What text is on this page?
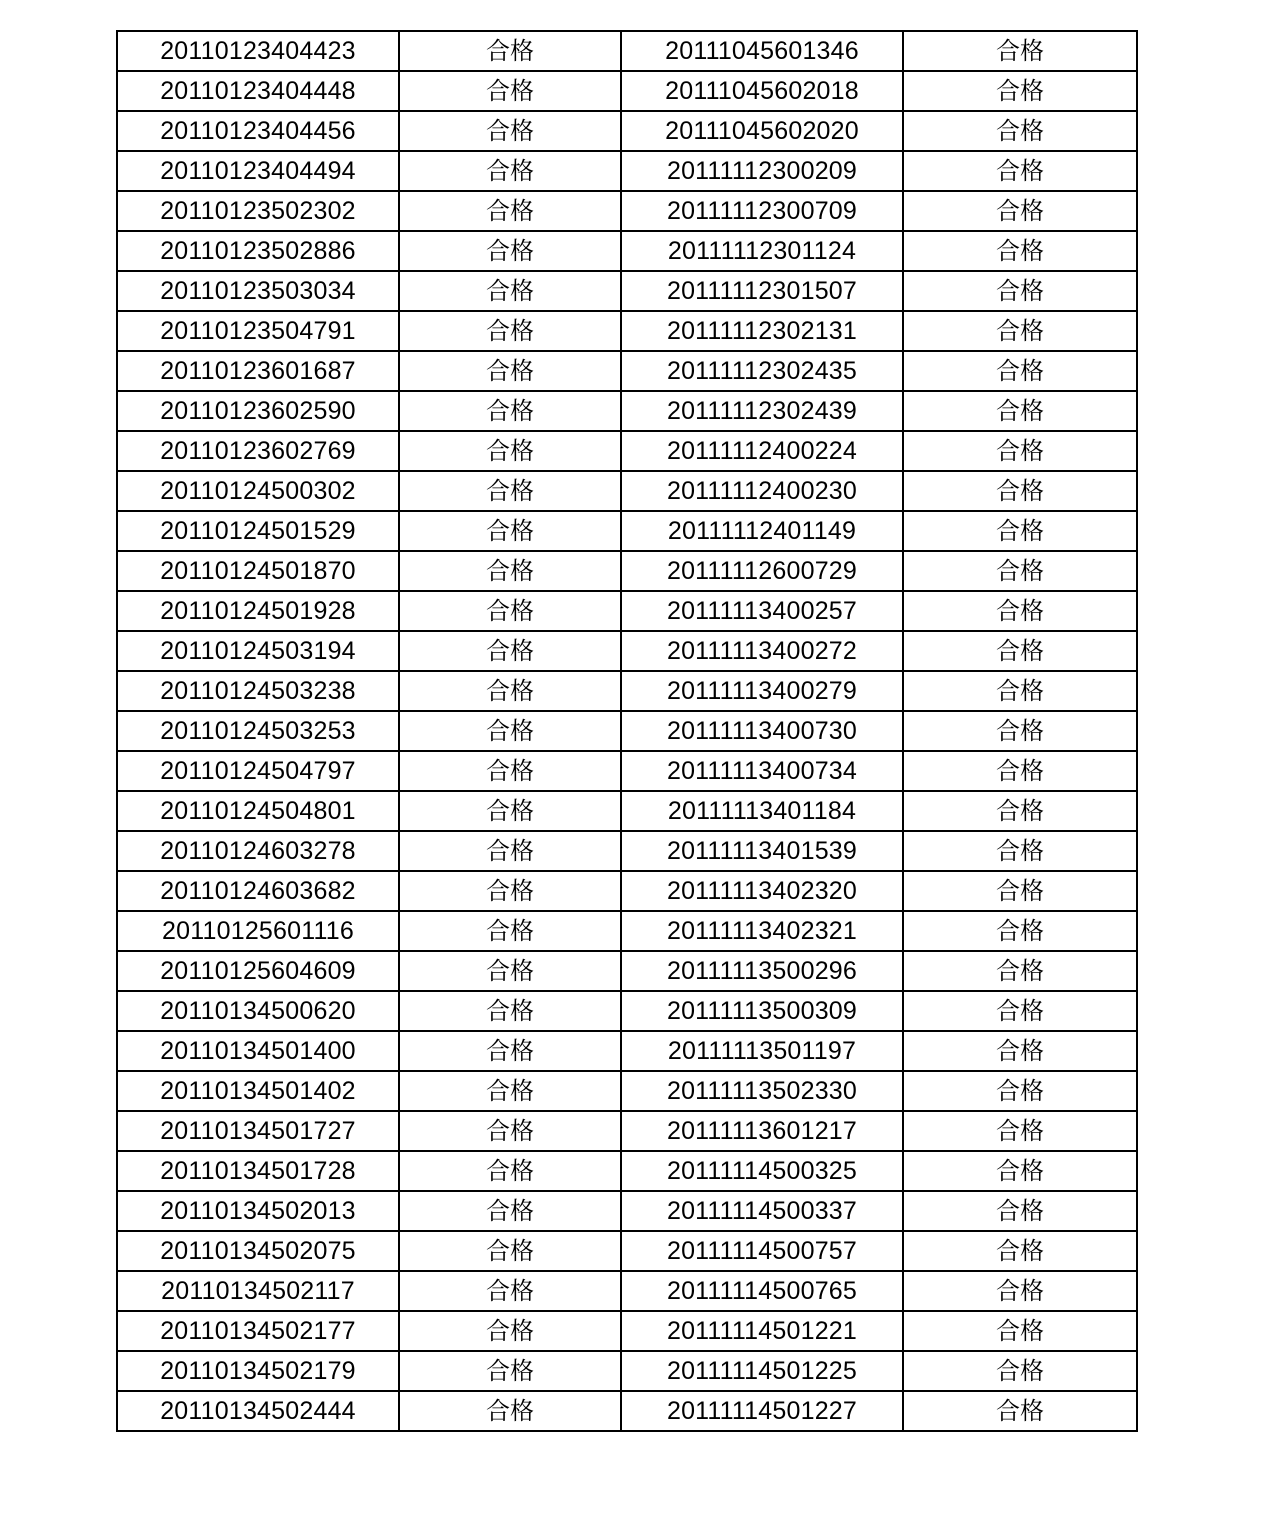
20110123404423	合格	20111045601346	合格
20110123404448	合格	20111045602018	合格
20110123404456	合格	20111045602020	合格
20110123404494	合格	20111112300209	合格
20110123502302	合格	20111112300709	合格
20110123502886	合格	20111112301124	合格
20110123503034	合格	20111112301507	合格
20110123504791	合格	20111112302131	合格
20110123601687	合格	20111112302435	合格
20110123602590	合格	20111112302439	合格
20110123602769	合格	20111112400224	合格
20110124500302	合格	20111112400230	合格
20110124501529	合格	20111112401149	合格
20110124501870	合格	20111112600729	合格
20110124501928	合格	20111113400257	合格
20110124503194	合格	20111113400272	合格
20110124503238	合格	20111113400279	合格
20110124503253	合格	20111113400730	合格
20110124504797	合格	20111113400734	合格
20110124504801	合格	20111113401184	合格
20110124603278	合格	20111113401539	合格
20110124603682	合格	20111113402320	合格
20110125601116	合格	20111113402321	合格
20110125604609	合格	20111113500296	合格
20110134500620	合格	20111113500309	合格
20110134501400	合格	20111113501197	合格
20110134501402	合格	20111113502330	合格
20110134501727	合格	20111113601217	合格
20110134501728	合格	20111114500325	合格
20110134502013	合格	20111114500337	合格
20110134502075	合格	20111114500757	合格
20110134502117	合格	20111114500765	合格
20110134502177	合格	20111114501221	合格
20110134502179	合格	20111114501225	合格
20110134502444	合格	20111114501227	合格
